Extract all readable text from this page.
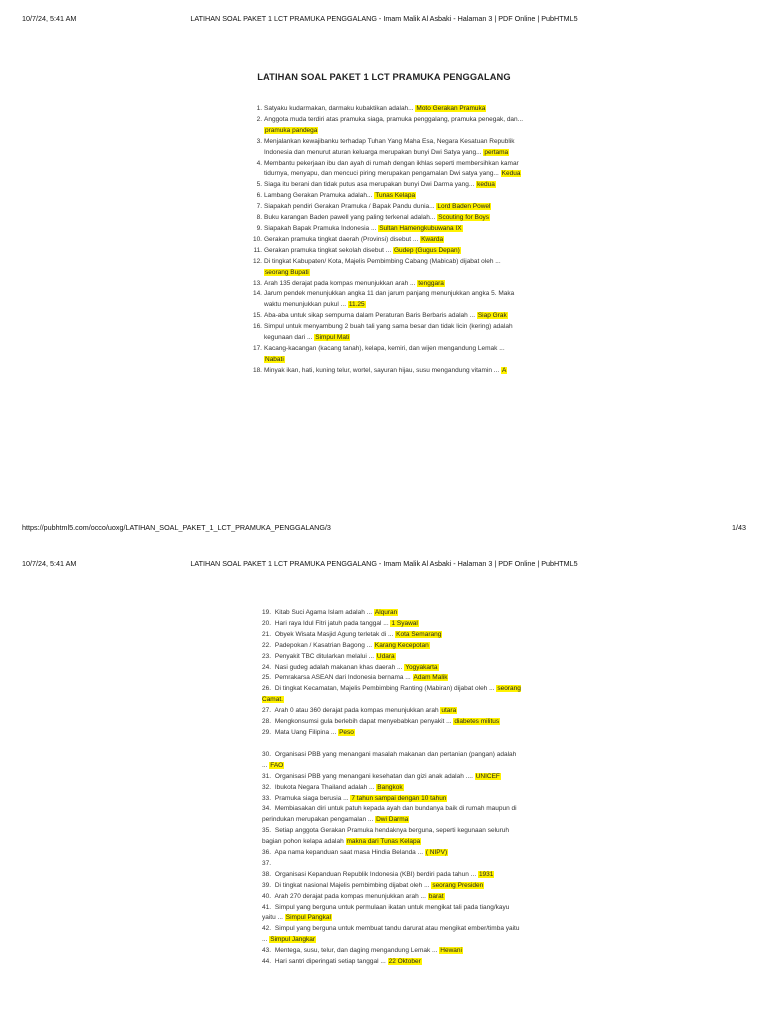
10/7/24, 5:41 AM	LATIHAN SOAL PAKET 1 LCT PRAMUKA PENGGALANG - Imam Malik Al Asbaki - Halaman 3 | PDF Online | PubHTML5
LATIHAN SOAL PAKET 1 LCT PRAMUKA PENGGALANG
1. Satyaku kudarmakan, darmaku kubaktikan adalah... Moto Gerakan Pramuka
2. Anggota muda terdiri atas pramuka siaga, pramuka penggalang, pramuka penegak, dan... pramuka pandega
3. Menjalankan kewajibanku terhadap Tuhan Yang Maha Esa, Negara Kesatuan Republik Indonesia dan menurut aturan keluarga merupakan bunyi Dwi Satya yang... pertama
4. Membantu pekerjaan ibu dan ayah di rumah dengan ikhlas seperti membersihkan kamar tidurnya, menyapu, dan mencuci piring merupakan pengamalan Dwi satya yang... Kedua
5. Siaga itu berani dan tidak putus asa merupakan bunyi Dwi Darma yang... kedua
6. Lambang Gerakan Pramuka adalah... Tunas Kelapa
7. Siapakah pendiri Gerakan Pramuka / Bapak Pandu dunia... Lord Baden Powel
8. Buku karangan Baden pawell yang paling terkenal adalah... Scouting for Boys
9. Siapakah Bapak Pramuka Indonesia ... Sultan Hamengkubuwana IX
10. Gerakan pramuka tingkat daerah (Provinsi) disebut ... Kwarda
11. Gerakan pramuka tingkat sekolah disebut ... Gudep (Gugus Depan)
12. Di tingkat Kabupaten/ Kota, Majelis Pembimbing Cabang (Mabicab) dijabat oleh ... seorang Bupati
13. Arah 135 derajat pada kompas menunjukkan arah ... tenggara
14. Jarum pendek menunjukkan angka 11 dan jarum panjang menunjukkan angka 5. Maka waktu menunjukkan pukul ... 11.25
15. Aba-aba untuk sikap sempurna dalam Peraturan Baris Berbaris adalah ... Siap Grak
16. Simpul untuk menyambung 2 buah tali yang sama besar dan tidak licin (kering) adalah kegunaan dari ... Simpul Mati
17. Kacang-kacangan (kacang tanah), kelapa, kemiri, dan wijen mengandung Lemak ... Nabati
18. Minyak ikan, hati, kuning telur, wortel, sayuran hijau, susu mengandung vitamin ... A
https://pubhtml5.com/occo/uoxg/LATIHAN_SOAL_PAKET_1_LCT_PRAMUKA_PENGGALANG/3	1/43
10/7/24, 5:41 AM	LATIHAN SOAL PAKET 1 LCT PRAMUKA PENGGALANG - Imam Malik Al Asbaki - Halaman 3 | PDF Online | PubHTML5
19. Kitab Suci Agama Islam adalah ... Alquran
20. Hari raya Idul Fitri jatuh pada tanggal ... 1 Syawal
21. Obyek Wisata Masjid Agung terletak di ... Kota Semarang
22. Padepokan / Kasatrian Bagong ... Karang Kecepotan
23. Penyakit TBC ditularkan melalui ... Udara
24. Nasi gudeg adalah makanan khas daerah ... Yogyakarta
25. Pemrakarsa ASEAN dari Indonesia bernama ... Adam Malik
26. Di tingkat Kecamatan, Majelis Pembimbing Ranting (Mabiran) dijabat oleh ... seorang Camat.
27. Arah 0 atau 360 derajat pada kompas menunjukkan arah utara
28. Mengkonsumsi gula berlebih dapat menyebabkan penyakit ... diabetes militus
29. Mata Uang Filipina ... Peso
30. Organisasi PBB yang menangani masalah makanan dan pertanian (pangan) adalah ... FAO
31. Organisasi PBB yang menangani kesehatan dan gizi anak adalah .... UNICEF
32. Ibukota Negara Thailand adalah ... Bangkok
33. Pramuka siaga berusia ... 7 tahun sampai dengan 10 tahun
34. Membiasakan diri untuk patuh kepada ayah dan bundanya baik di rumah maupun di perindukan merupakan pengamalan ... Dwi Darma
35. Setiap anggota Gerakan Pramuka hendaknya berguna, seperti kegunaan seluruh bagian pohon kelapa adalah makna dari Tunas Kelapa
36. Apa nama kepanduan saat masa Hindia Belanda ... ( NIPV)
37.
38. Organisasi Kepanduan Republik Indonesia (KBI) berdiri pada tahun ... 1931
39. Di tingkat nasional Majelis pembimbing dijabat oleh ... seorang Presiden
40. Arah 270 derajat pada kompas menunjukkan arah ... barat
41. Simpul yang berguna untuk permulaan ikatan untuk mengikat tali pada tiang/kayu yaitu ... Simpul Pangkal
42. Simpul yang berguna untuk membuat tandu darurat atau mengikat ember/timba yaitu ... Simpul Jangkar
43. Mentega, susu, telur, dan daging mengandung Lemak ... Hewani
44. Hari santri diperingati setiap tanggal ... 22 Oktober
